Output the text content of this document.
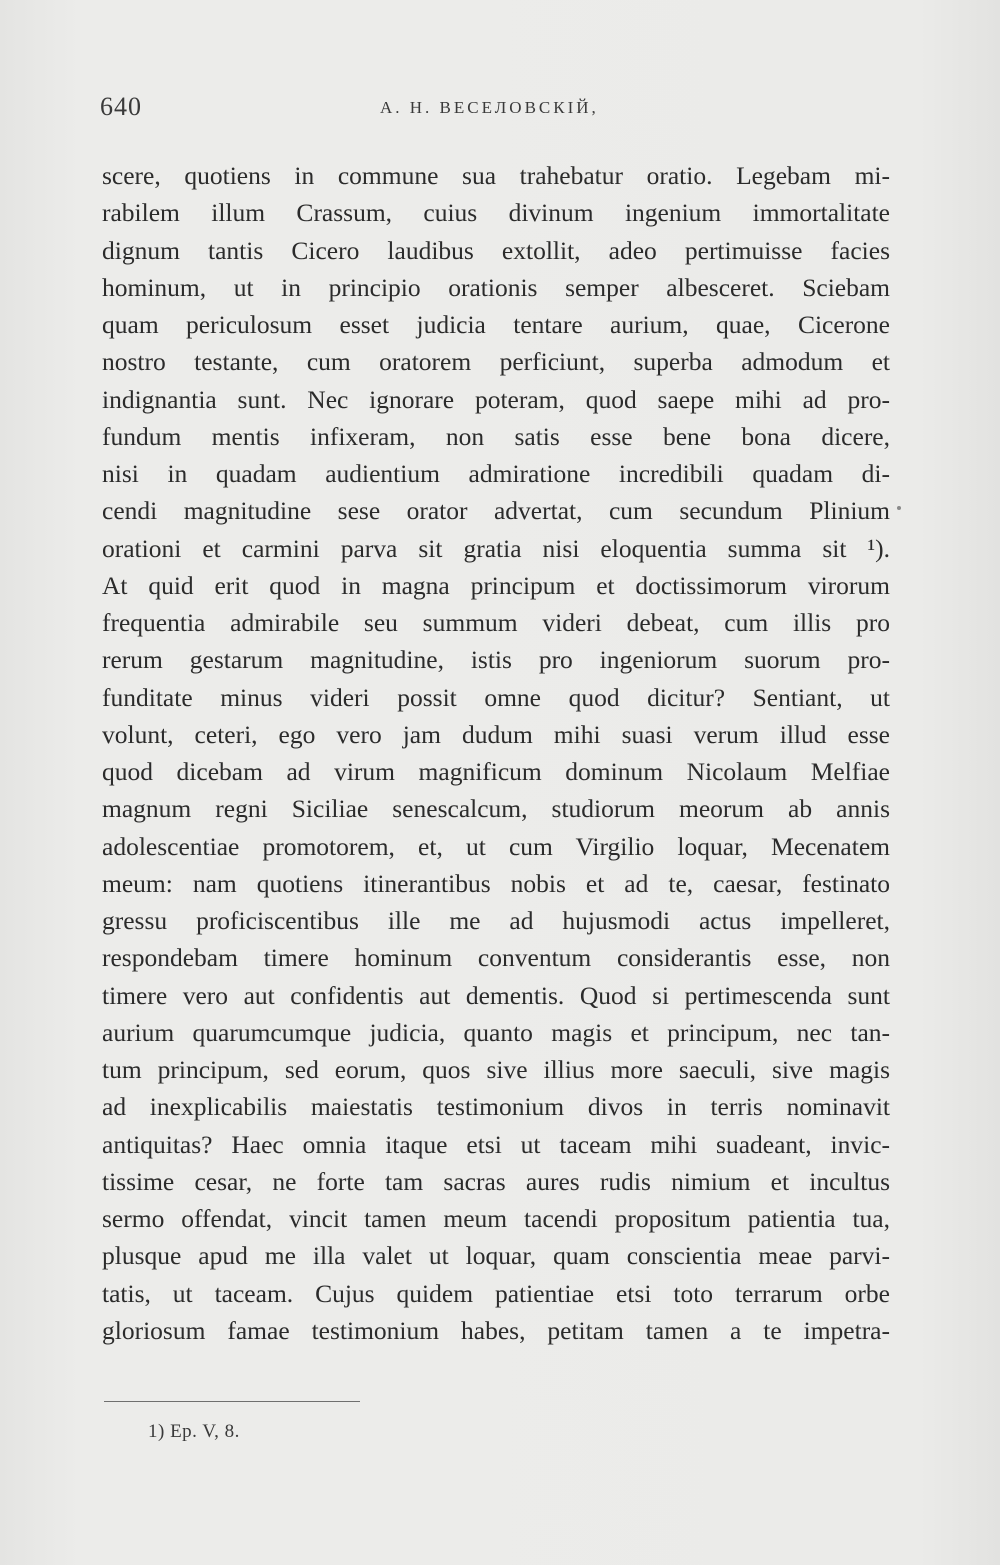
640	А. Н. ВЕСЕЛОВСКІЙ,
scere, quotiens in commune sua trahebatur oratio. Legebam mi-
rabilem illum Crassum, cuius divinum ingenium immortalitate
dignum tantis Cicero laudibus extollit, adeo pertimuisse facies
hominum, ut in principio orationis semper albesceret. Sciebam
quam periculosum esset judicia tentare aurium, quae, Cicerone
nostro testante, cum oratorem perficiunt, superba admodum et
indignantia sunt. Nec ignorare poteram, quod saepe mihi ad pro-
fundum mentis infixeram, non satis esse bene bona dicere,
nisi in quadam audientium admiratione incredibili quadam di-
cendi magnitudine sese orator advertat, cum secundum Plinium
orationi et carmini parva sit gratia nisi eloquentia summa sit ¹).
At quid erit quod in magna principum et doctissimorum virorum
frequentia admirabile seu summum videri debeat, cum illis pro
rerum gestarum magnitudine, istis pro ingeniorum suorum pro-
funditate minus videri possit omne quod dicitur? Sentiant, ut
volunt, ceteri, ego vero jam dudum mihi suasi verum illud esse
quod dicebam ad virum magnificum dominum Nicolaum Melfiae
magnum regni Siciliae senescalcum, studiorum meorum ab annis
adolescentiae promotorem, et, ut cum Virgilio loquar, Mecenatem
meum: nam quotiens itinerantibus nobis et ad te, caesar, festinato
gressu proficiscentibus ille me ad hujusmodi actus impelleret,
respondebam timere hominum conventum considerantis esse, non
timere vero aut confidentis aut dementis. Quod si pertimescenda sunt
aurium quarumcumque judicia, quanto magis et principum, nec tan-
tum principum, sed eorum, quos sive illius more saeculi, sive magis
ad inexplicabilis maiestatis testimonium divos in terris nominavit
antiquitas? Haec omnia itaque etsi ut taceam mihi suadeant, invic-
tissime cesar, ne forte tam sacras aures rudis nimium et incultus
sermo offendat, vincit tamen meum tacendi propositum patientia tua,
plusque apud me illa valet ut loquar, quam conscientia meae parvi-
tatis, ut taceam. Cujus quidem patientiae etsi toto terrarum orbe
gloriosum famae testimonium habes, petitam tamen a te impetra-
1) Ep. V, 8.
